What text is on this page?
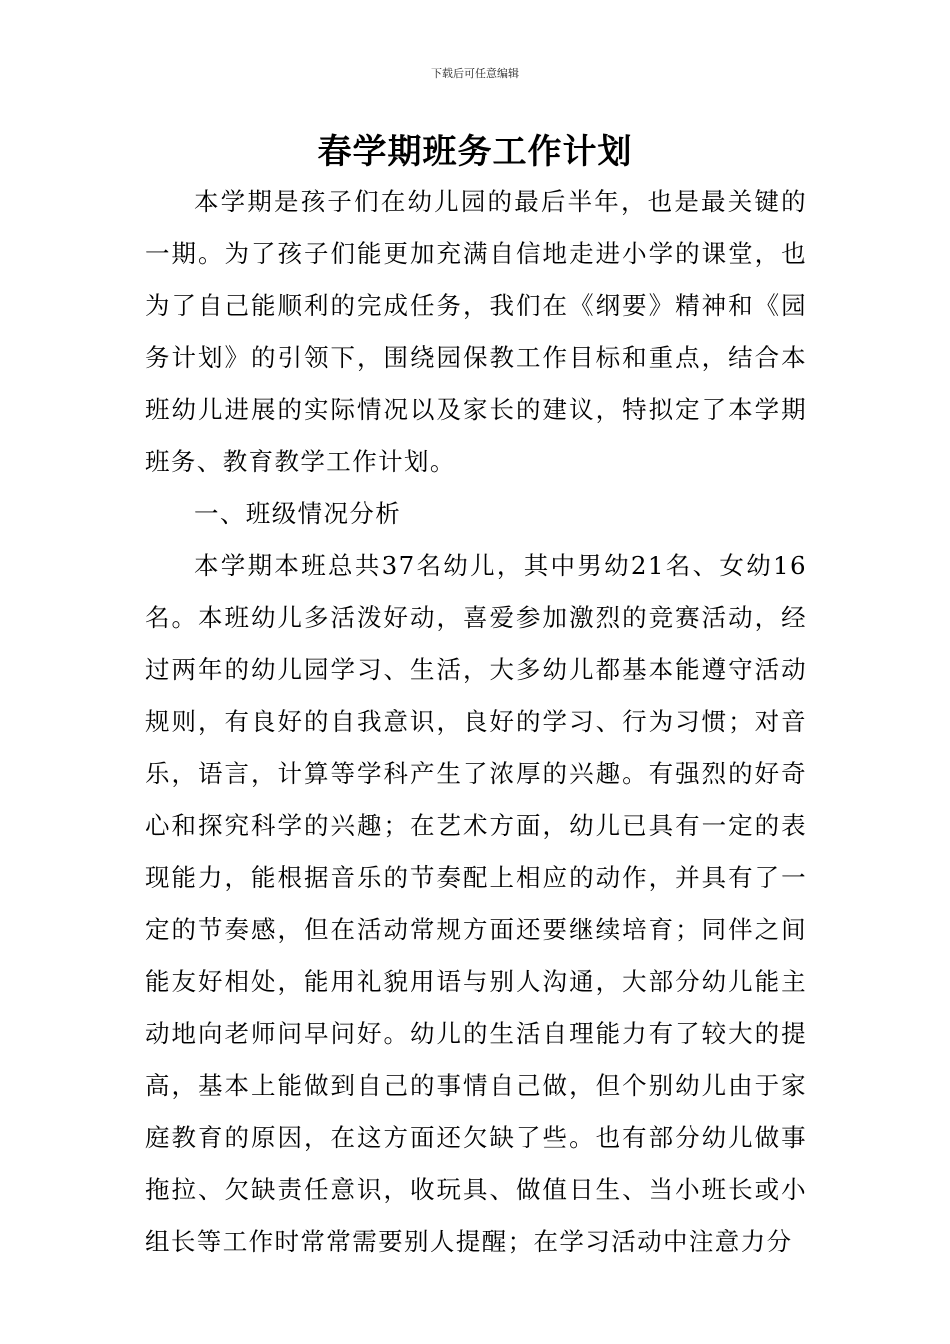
下载后可任意编辑
春学期班务工作计划

本学期是孩子们在幼儿园的最后半年，也是最关键的一期。为了孩子们能更加充满自信地走进小学的课堂，也为了自己能顺利的完成任务，我们在《纲要》精神和《园务计划》的引领下，围绕园保教工作目标和重点，结合本班幼儿进展的实际情况以及家长的建议，特拟定了本学期班务、教育教学工作计划。

一、班级情况分析

本学期本班总共37名幼儿，其中男幼21名、女幼16名。本班幼儿多活泼好动，喜爱参加激烈的竞赛活动，经过两年的幼儿园学习、生活，大多幼儿都基本能遵守活动规则，有良好的自我意识，良好的学习、行为习惯；对音乐，语言，计算等学科产生了浓厚的兴趣。有强烈的好奇心和探究科学的兴趣；在艺术方面，幼儿已具有一定的表现能力，能根据音乐的节奏配上相应的动作，并具有了一定的节奏感，但在活动常规方面还要继续培育；同伴之间能友好相处，能用礼貌用语与别人沟通，大部分幼儿能主动地向老师问早问好。幼儿的生活自理能力有了较大的提高，基本上能做到自己的事情自己做，但个别幼儿由于家庭教育的原因，在这方面还欠缺了些。也有部分幼儿做事拖拉、欠缺责任意识，收玩具、做值日生、当小班长或小组长等工作时常常需要别人提醒；在学习活动中注意力分
